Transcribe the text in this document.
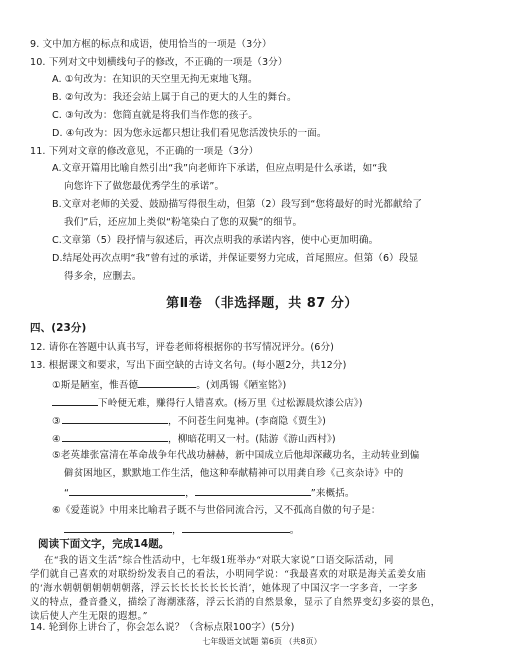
9. 文中加方框的标点和成语，使用恰当的一项是（3分）
10. 下列对文中划横线句子的修改，不正确的一项是（3分）
A. ①句改为：在知识的天空里无拘无束地飞翔。
B. ②句改为：我还会站上属于自己的更大的人生的舞台。
C. ③句改为：您简直就是将我们当作您的孩子。
D. ④句改为：因为您永远都只想让我们看见您活泼快乐的一面。
11. 下列对文章的修改意见，不正确的一项是（3分）
A.文章开篇用比喻自然引出“我”向老师许下承诺，但应点明是什么承诺，如“我
向您许下了做您最优秀学生的承诺”。
B.文章对老师的关爱、鼓励描写得很生动，但第（2）段写到“您将最好的时光都献给了
我们”后，还应加上类似“粉笔染白了您的双鬓”的细节。
C.文章第（5）段抒情与叙述后，再次点明我的承诺内容，使中心更加明确。
D.结尾处再次点明“我”曾有过的承诺，并保证要努力完成，首尾照应。但第（6）段显
得多余，应删去。
第Ⅱ卷 （非选择题，共 87 分）
四、(23分)
12. 请你在答题中认真书写，评卷老师将根据你的书写情况评分。(6分)
13. 根据课文和要求，写出下面空缺的古诗文名句。(每小题2分，共12分)
①斯是陋室，惟吾德	。(刘禹锡《陋室铭》)
下岭便无难，赚得行人错喜欢。(杨万里《过松源晨炊漆公店》)
③	，不问苍生问鬼神。(李商隐《贾生》)
④	，柳暗花明又一村。(陆游《游山西村》)
⑤老英雄张富清在革命战争年代战功赫赫，新中国成立后他却深藏功名，主动转业到偏
僻贫困地区，默默地工作生活，他这种奉献精神可以用龚自珍《己亥杂诗》中的
“	，	”来概括。
⑥《爱莲说》中用来比喻君子既不与世俗同流合污，又不孤高自傲的句子是：
，	。
阅读下面文字，完成14题。
在“我的语文生活”综合性活动中，七年级1班举办“对联大家说”口语交际活动，同
学们就自己喜欢的对联纷纷发表自己的看法，小明同学说：“我最喜欢的对联是海关孟姜女庙
的‘海水朝朝朝朝朝朝朝落，浮云长长长长长长长消’，她体现了中国汉字一字多音，一字多
义的特点，叠音叠义，描绘了海潮涨落，浮云长消的自然景象，显示了自然界变幻多姿的景色，
七年级语文试题 第6页 （共8页）
读后使人产生无限的遐想。”
14. 轮到你上讲台了，你会怎么说？（含标点限100字）(5分)
